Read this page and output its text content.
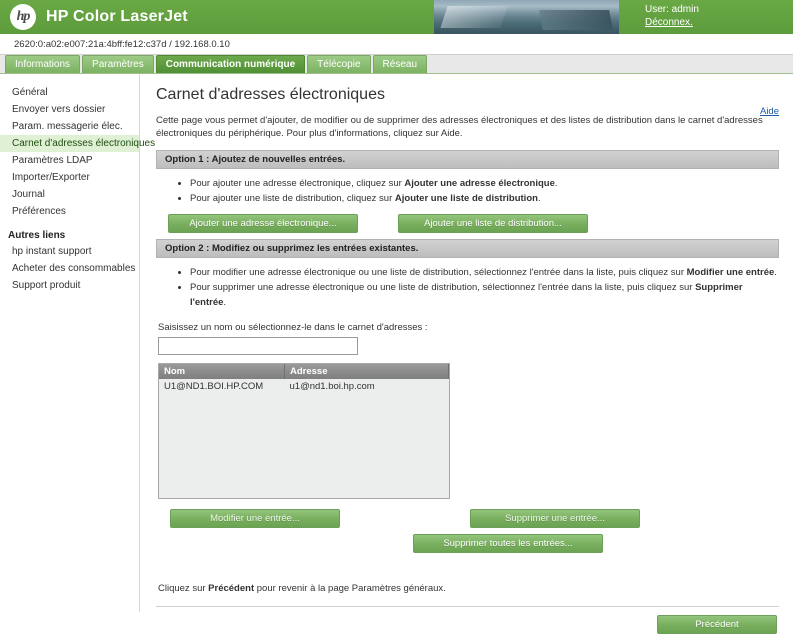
hp HP Color LaserJet	User: admin
Déconnex.
2620:0:a02:e007:21a:4bff:fe12:c37d / 192.168.0.10
Informations	Paramètres	Communication numérique	Télécopie	Réseau
Général
Envoyer vers dossier
Param. messagerie élec.
Carnet d'adresses électroniques
Paramètres LDAP
Importer/Exporter
Journal
Préférences
Autres liens
hp instant support
Acheter des consommables
Support produit
Carnet d'adresses électroniques
Aide
Cette page vous permet d'ajouter, de modifier ou de supprimer des adresses électroniques et des listes de distribution dans le carnet d'adresses électroniques du périphérique. Pour plus d'informations, cliquez sur Aide.
Option 1 : Ajoutez de nouvelles entrées.
• Pour ajouter une adresse électronique, cliquez sur Ajouter une adresse électronique.
• Pour ajouter une liste de distribution, cliquez sur Ajouter une liste de distribution.
Ajouter une adresse électronique...	Ajouter une liste de distribution...
Option 2 : Modifiez ou supprimez les entrées existantes.
• Pour modifier une adresse électronique ou une liste de distribution, sélectionnez l'entrée dans la liste, puis cliquez sur Modifier une entrée.
• Pour supprimer une adresse électronique ou une liste de distribution, sélectionnez l'entrée dans la liste, puis cliquez sur Supprimer l'entrée.
Saisissez un nom ou sélectionnez-le dans le carnet d'adresses :
Nom	Adresse
U1@ND1.BOI.HP.COM	u1@nd1.boi.hp.com
Modifier une entrée...	Supprimer une entrée...
Supprimer toutes les entrées...
Cliquez sur Précédent pour revenir à la page Paramètres généraux.
Précédent
